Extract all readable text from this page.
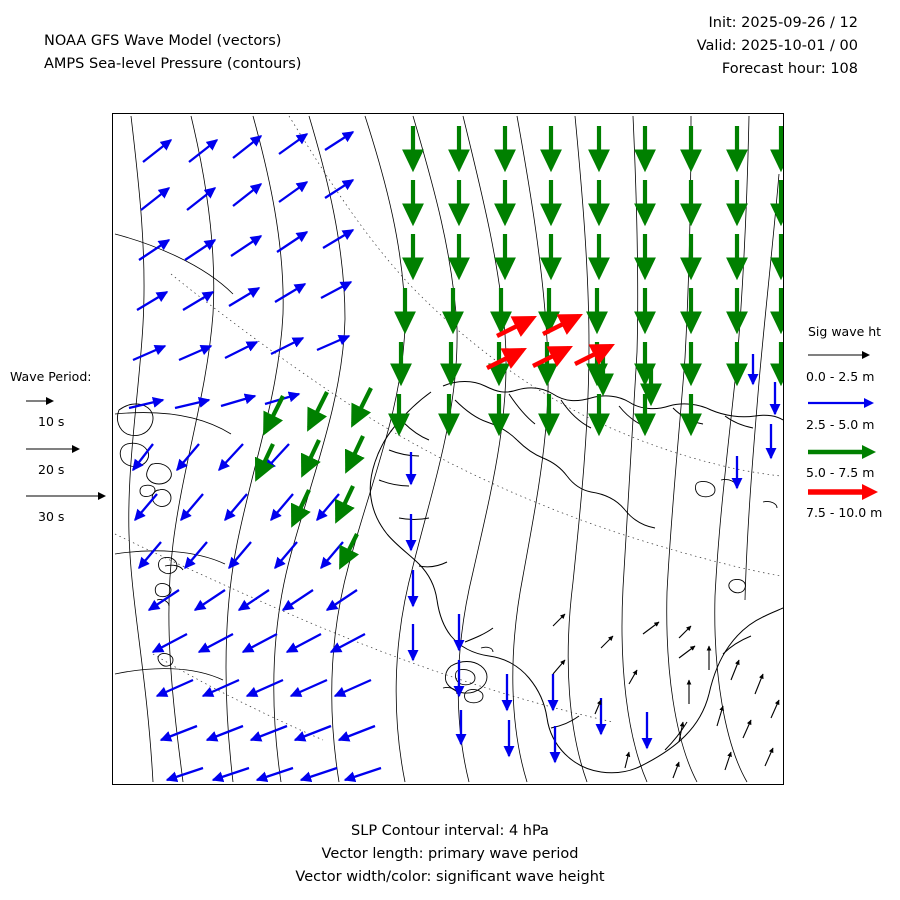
NOAA GFS Wave Model (vectors)
AMPS Sea-level Pressure (contours)
Init: 2025-09-26 / 12
Valid: 2025-10-01 / 00
Forecast hour: 108
SLP Contour interval: 4 hPa
Vector length: primary wave period
Vector width/color: significant wave height
Sig wave ht
0.0 - 2.5 m
2.5 - 5.0 m
5.0 - 7.5 m
7.5 - 10.0 m
Wave Period:
10 s
20 s
30 s
